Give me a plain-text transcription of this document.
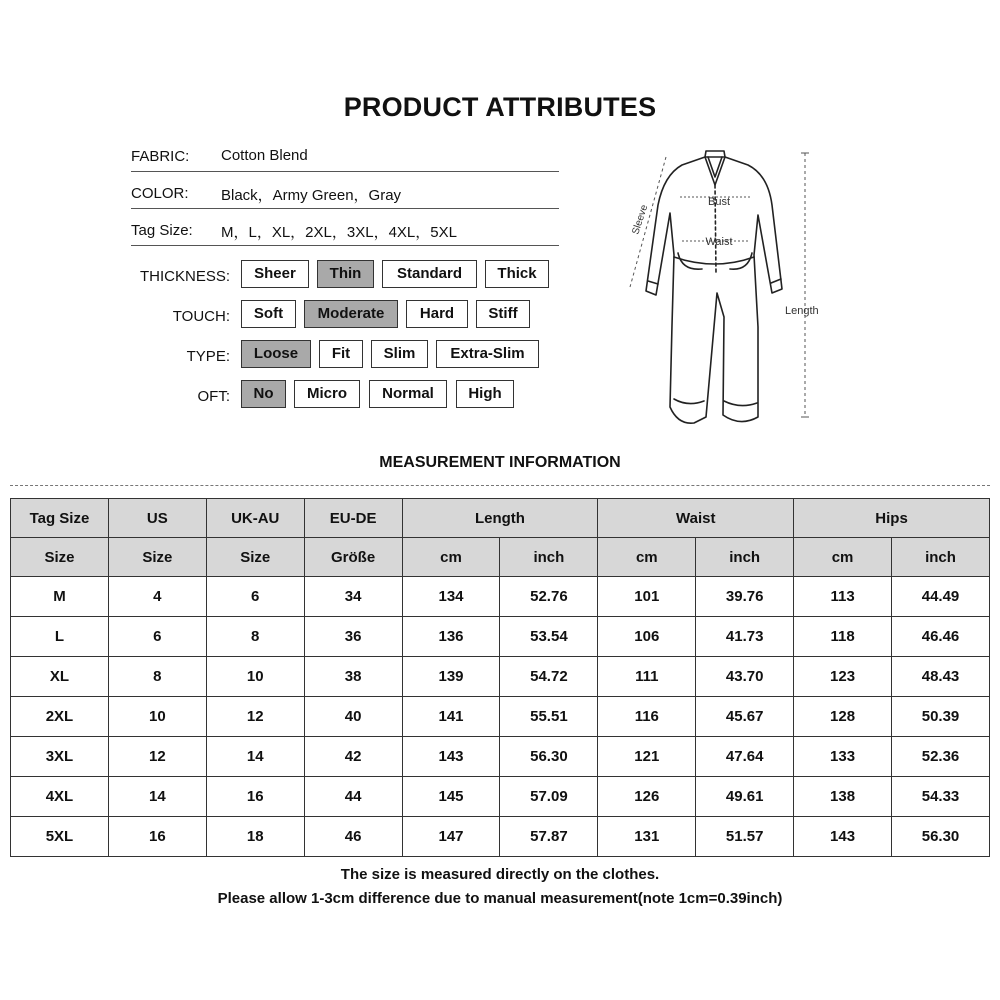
PRODUCT ATTRIBUTES
FABRIC: Cotton Blend
COLOR: Black，Army Green，Gray
Tag Size: M，L，XL，2XL，3XL，4XL，5XL
THICKNESS:	Sheer	Thin	Standard	Thick
TOUCH:	Soft	Moderate	Hard	Stiff
TYPE:	Loose	Fit	Slim	Extra-Slim
OFT:	No	Micro	Normal	High
Bust
Waist
Length
Sleeve
MEASUREMENT INFORMATION
Tag Size	US	UK-AU	EU-DE	Length		Waist		Hips	
Size	Size	Size	Größe	cm	inch	cm	inch	cm	inch
M	4	6	34	134	52.76	101	39.76	113	44.49
L	6	8	36	136	53.54	106	41.73	118	46.46
XL	8	10	38	139	54.72	111	43.70	123	48.43
2XL	10	12	40	141	55.51	116	45.67	128	50.39
3XL	12	14	42	143	56.30	121	47.64	133	52.36
4XL	14	16	44	145	57.09	126	49.61	138	54.33
5XL	16	18	46	147	57.87	131	51.57	143	56.30
The size is measured directly on the clothes.
Please allow 1-3cm difference due to manual measurement(note 1cm=0.39inch)
